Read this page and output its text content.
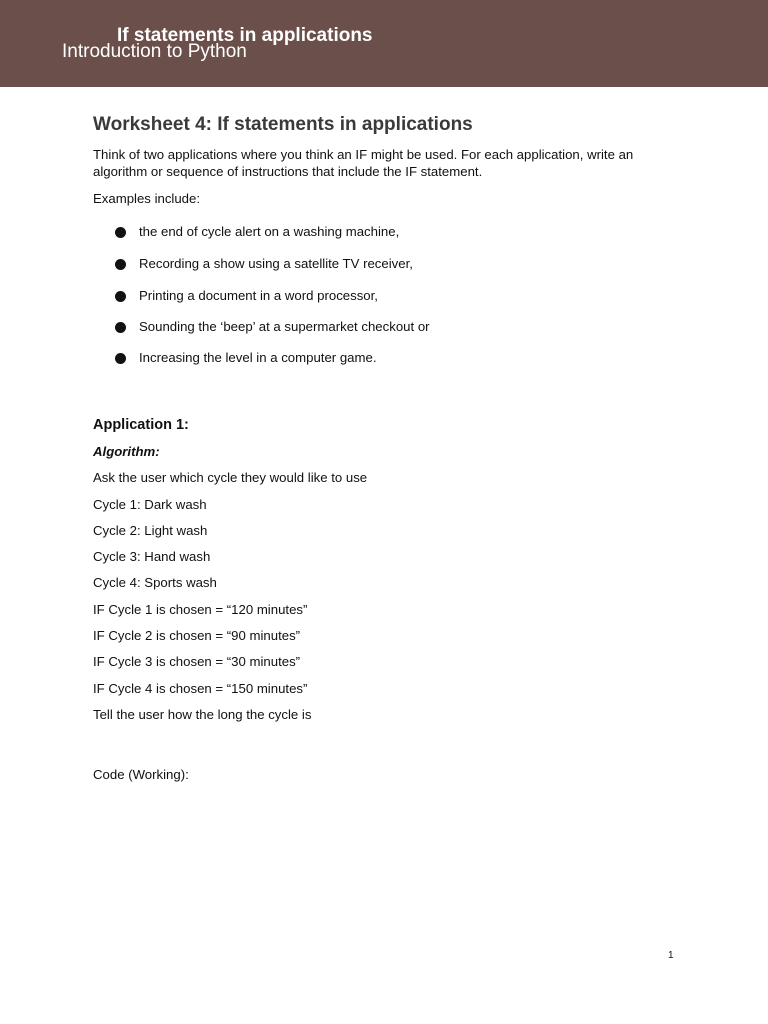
If statements in applications
Introduction to Python
Worksheet 4: If statements in applications
Think of two applications where you think an IF might be used. For each application, write an algorithm or sequence of instructions that include the IF statement.
Examples include:
the end of cycle alert on a washing machine,
Recording a show using a satellite TV receiver,
Printing a document in a word processor,
Sounding the ‘beep’ at a supermarket checkout or
Increasing the level in a computer game.
Application 1:
Algorithm:
Ask the user which cycle they would like to use
Cycle 1: Dark wash
Cycle 2: Light wash
Cycle 3: Hand wash
Cycle 4: Sports wash
IF Cycle 1 is chosen = “120 minutes”
IF Cycle 2 is chosen = “90 minutes”
IF Cycle 3 is chosen = “30 minutes”
IF Cycle 4 is chosen = “150 minutes”
Tell the user how the long the cycle is
Code (Working):
1
